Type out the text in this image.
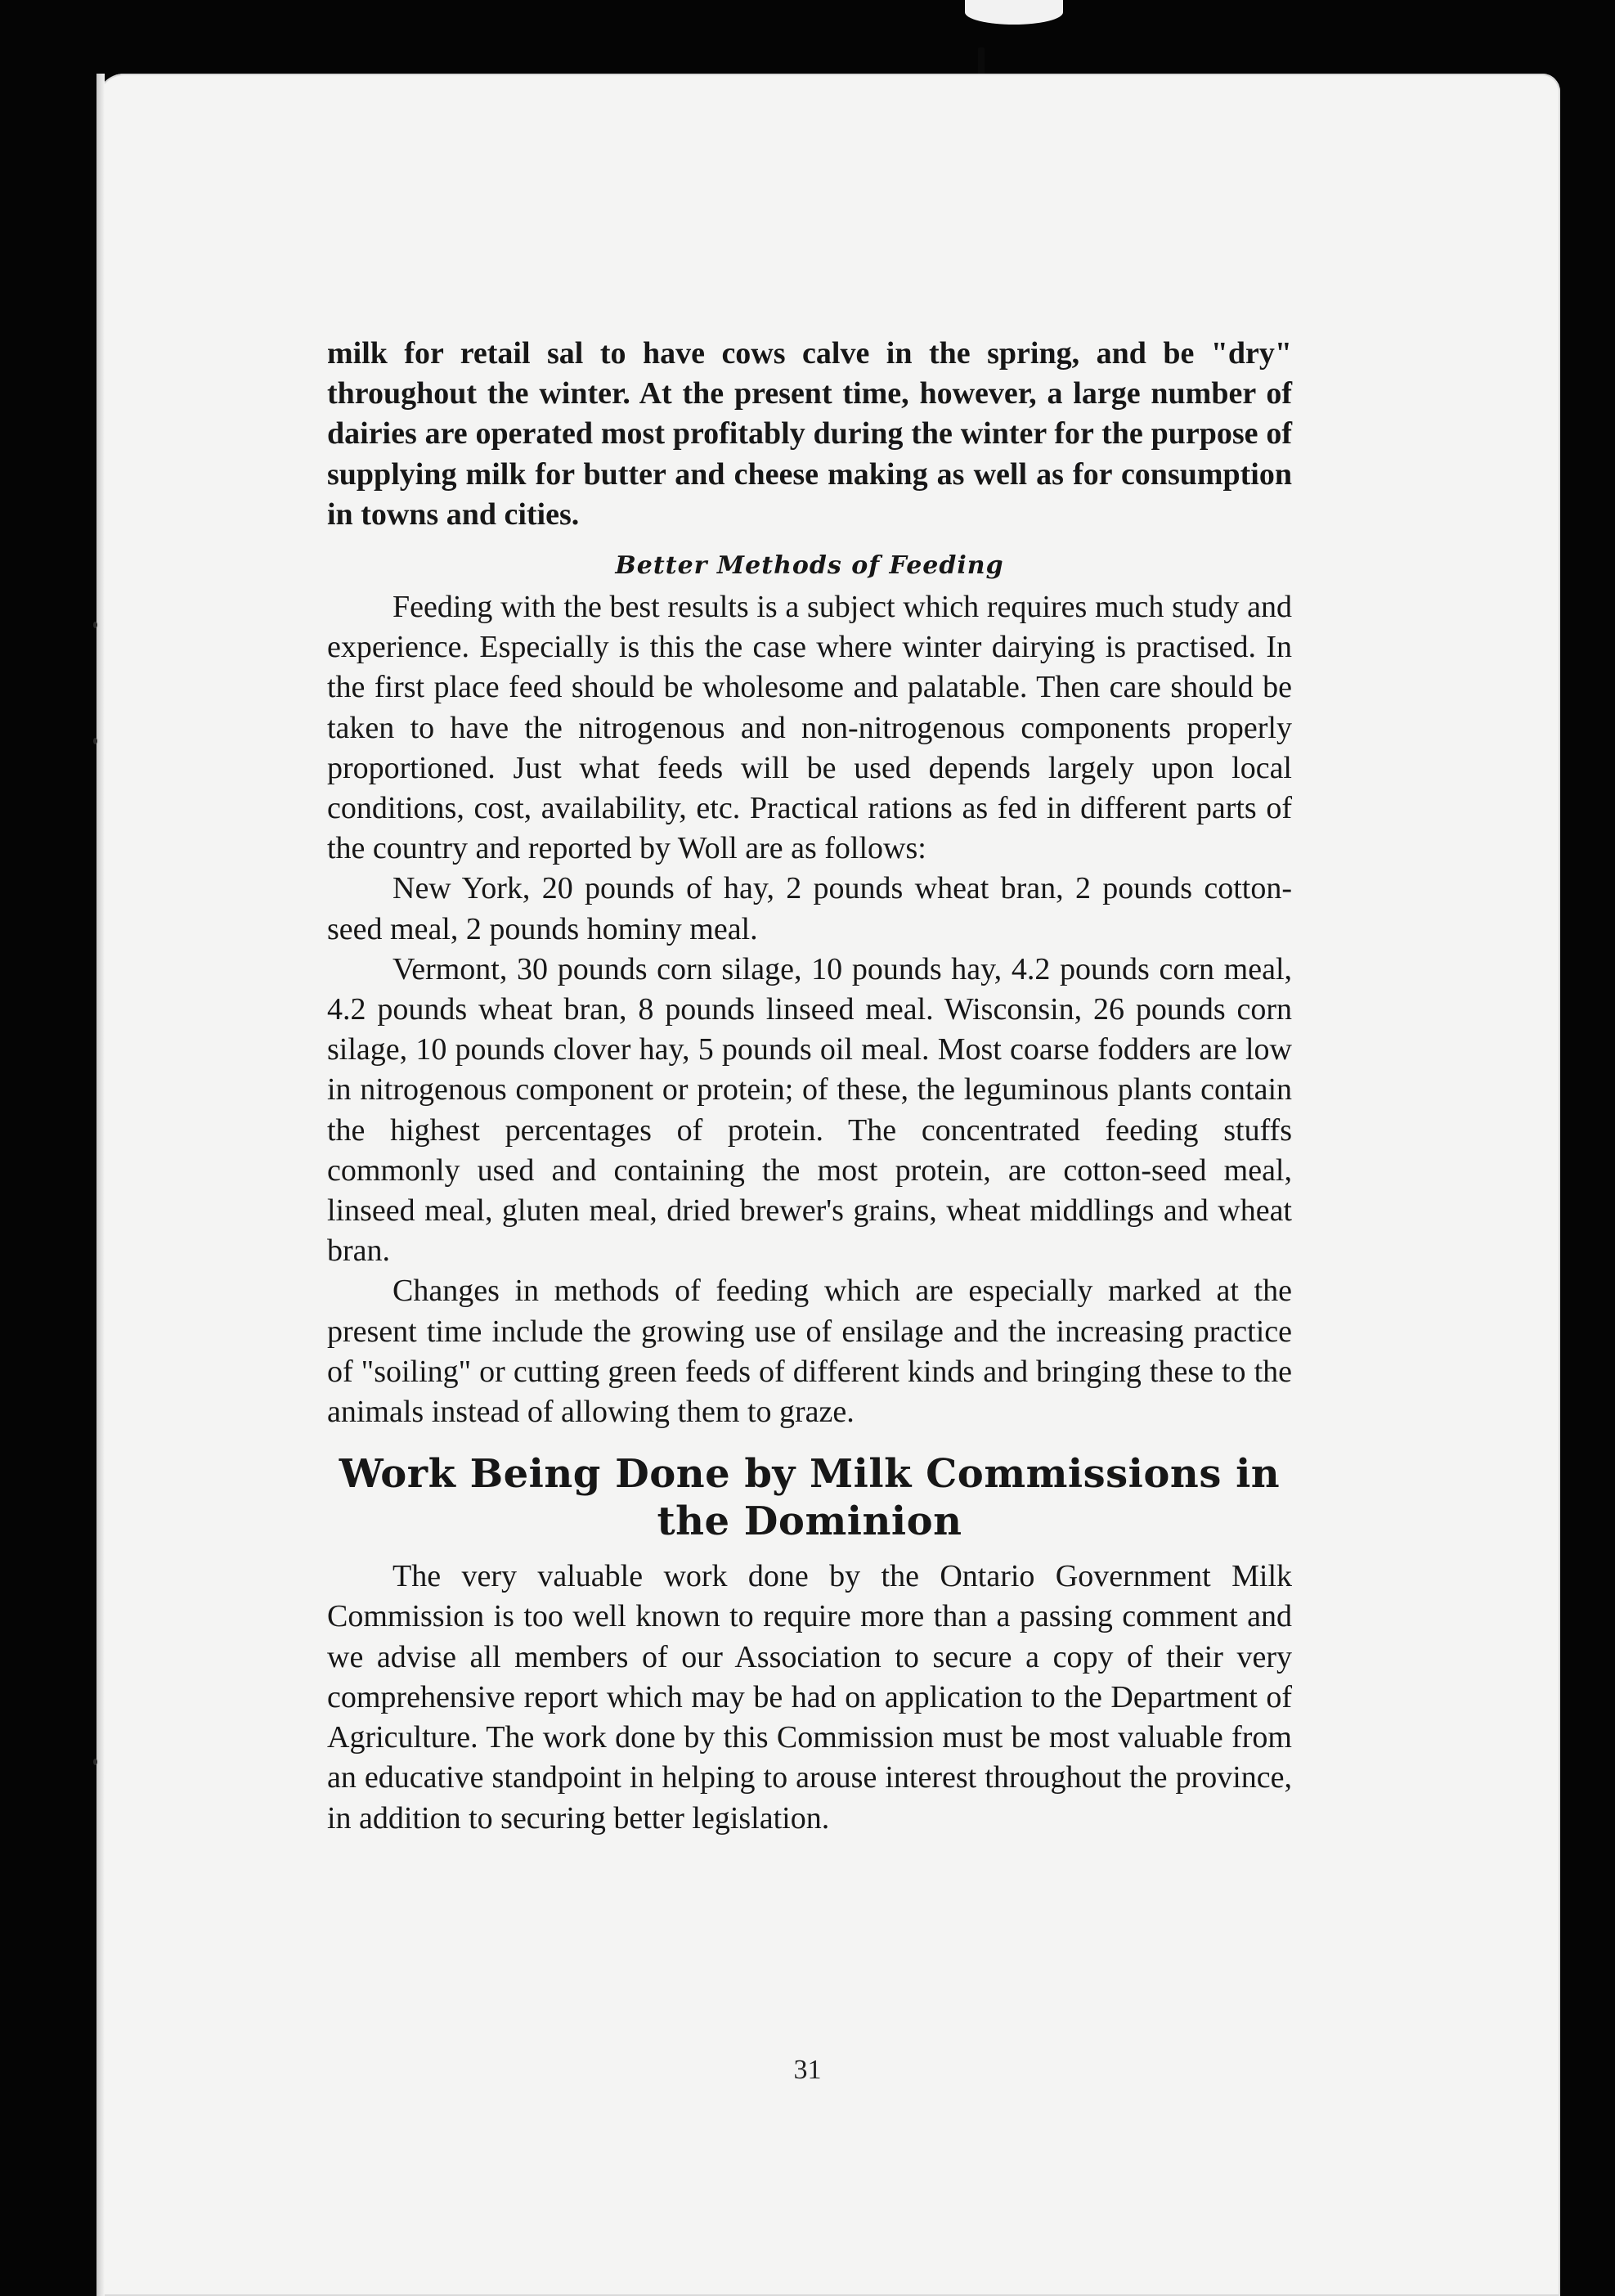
milk for retail sal to have cows calve in the spring, and be "dry" throughout the winter. At the present time, however, a large number of dairies are operated most profitably during the winter for the purpose of supplying milk for butter and cheese making as well as for consumption in towns and cities.

Better Methods of Feeding

Feeding with the best results is a subject which requires much study and experience. Especially is this the case where winter dairying is practised. In the first place feed should be wholesome and palatable. Then care should be taken to have the nitrogenous and non-nitrogenous components properly proportioned. Just what feeds will be used depends largely upon local conditions, cost, availability, etc. Practical rations as fed in different parts of the country and reported by Woll are as follows:

New York, 20 pounds of hay, 2 pounds wheat bran, 2 pounds cotton-seed meal, 2 pounds hominy meal.

Vermont, 30 pounds corn silage, 10 pounds hay, 4.2 pounds corn meal, 4.2 pounds wheat bran, 8 pounds linseed meal. Wisconsin, 26 pounds corn silage, 10 pounds clover hay, 5 pounds oil meal. Most coarse fodders are low in nitrogenous component or protein; of these, the leguminous plants contain the highest percentages of protein. The concentrated feeding stuffs commonly used and containing the most protein, are cotton-seed meal, linseed meal, gluten meal, dried brewer's grains, wheat middlings and wheat bran.

Changes in methods of feeding which are especially marked at the present time include the growing use of ensilage and the increasing practice of "soiling" or cutting green feeds of different kinds and bringing these to the animals instead of allowing them to graze.

Work Being Done by Milk Commissions in the Dominion

The very valuable work done by the Ontario Government Milk Commission is too well known to require more than a passing comment and we advise all members of our Association to secure a copy of their very comprehensive report which may be had on application to the Department of Agriculture. The work done by this Commission must be most valuable from an educative standpoint in helping to arouse interest throughout the province, in addition to securing better legislation.

31
